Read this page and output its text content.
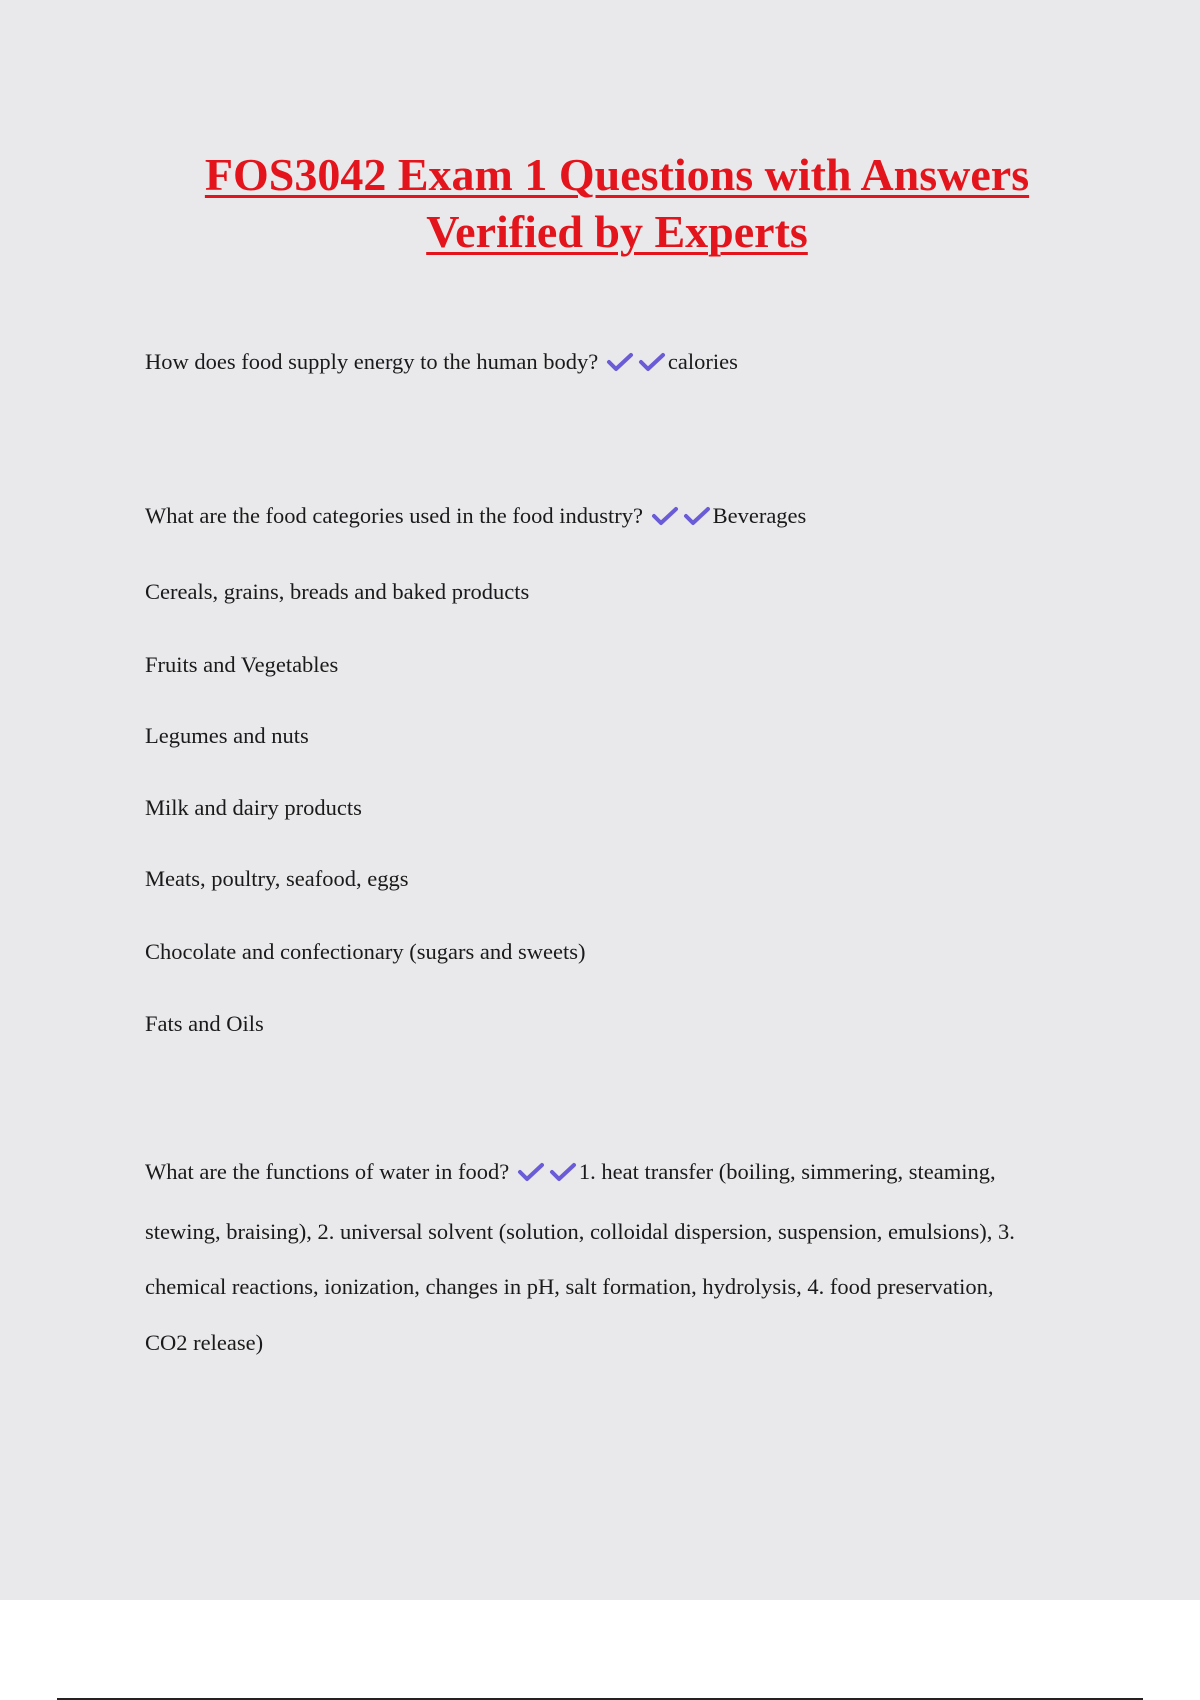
FOS3042 Exam 1 Questions with Answers
Verified by Experts
How does food supply energy to the human body?	calories
What are the food categories used in the food industry?	Beverages
Cereals, grains, breads and baked products
Fruits and Vegetables
Legumes and nuts
Milk and dairy products
Meats, poultry, seafood, eggs
Chocolate and confectionary (sugars and sweets)
Fats and Oils
What are the functions of water in food?	1. heat transfer (boiling, simmering, steaming,
stewing, braising), 2. universal solvent (solution, colloidal dispersion, suspension, emulsions), 3.
chemical reactions, ionization, changes in pH, salt formation, hydrolysis, 4. food preservation,
CO2 release)
